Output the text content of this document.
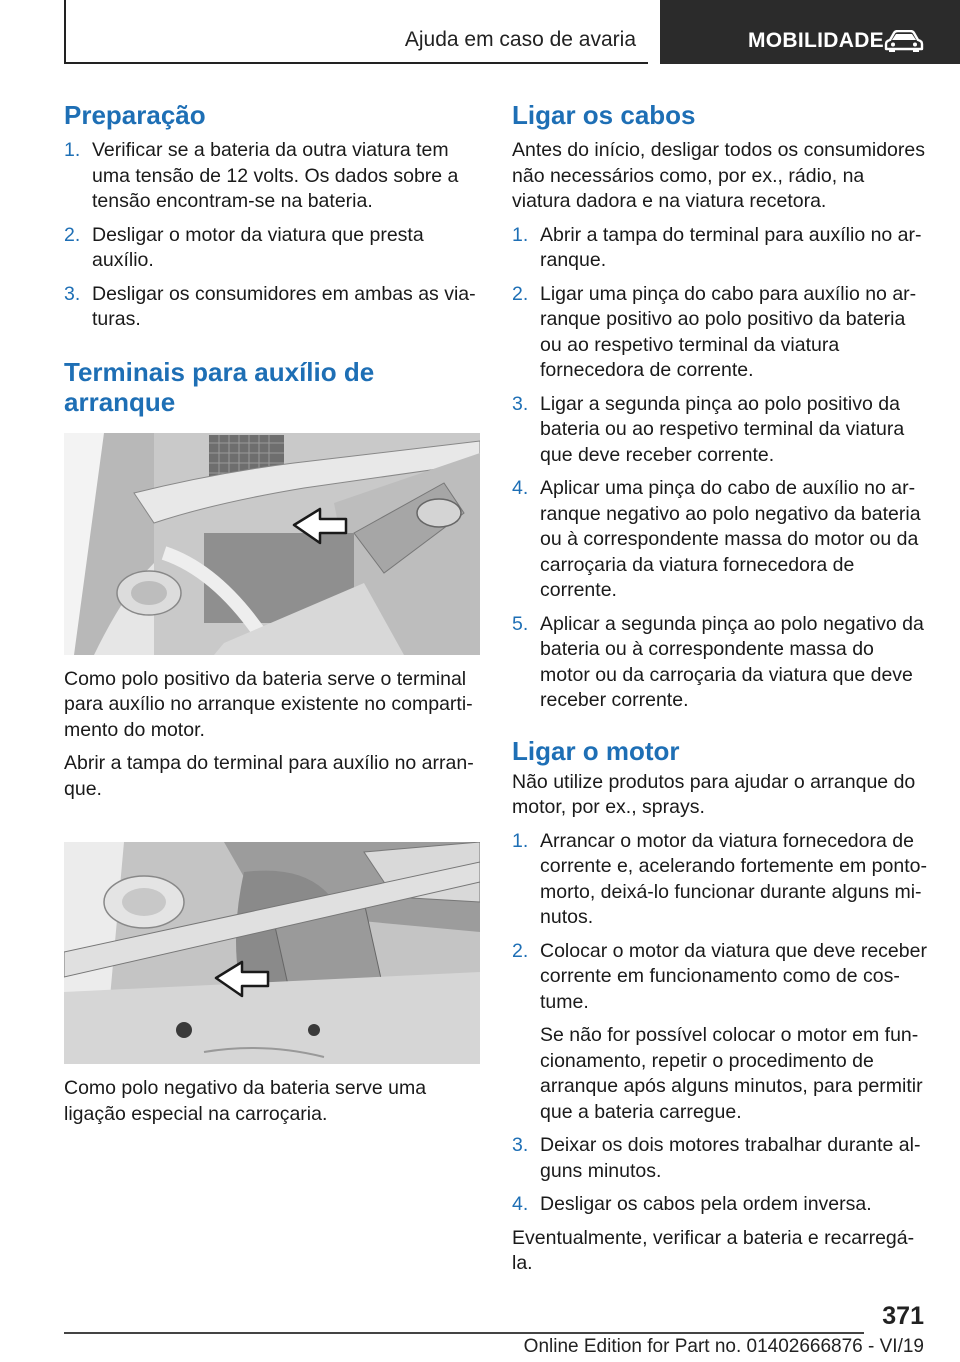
Ajuda em caso de avaria	MOBILIDADE
Preparação
1. Verificar se a bateria da outra viatura tem uma tensão de 12 volts. Os dados sobre a tensão encontram-se na bateria.
2. Desligar o motor da viatura que presta auxílio.
3. Desligar os consumidores em ambas as viaturas.
Terminais para auxílio de arranque

Como polo positivo da bateria serve o terminal para auxílio no arranque existente no compartimento do motor.

Abrir a tampa do terminal para auxílio no arranque.

Como polo negativo da bateria serve uma ligação especial na carroçaria.

Ligar os cabos

Antes do início, desligar todos os consumidores não necessários como, por ex., rádio, na viatura dadora e na viatura recetora.

1. Abrir a tampa do terminal para auxílio no arranque.
2. Ligar uma pinça do cabo para auxílio no arranque positivo ao polo positivo da bateria ou ao respetivo terminal da viatura fornecedora de corrente.
3. Ligar a segunda pinça ao polo positivo da bateria ou ao respetivo terminal da viatura que deve receber corrente.
4. Aplicar uma pinça do cabo de auxílio no arranque negativo ao polo negativo da bateria ou à correspondente massa do motor ou da carroçaria da viatura fornecedora de corrente.
5. Aplicar a segunda pinça ao polo negativo da bateria ou à correspondente massa do motor ou da carroçaria da viatura que deve receber corrente.
Ligar o motor

Não utilize produtos para ajudar o arranque do motor, por ex., sprays.

1. Arrancar o motor da viatura fornecedora de corrente e, acelerando fortemente em ponto-morto, deixá-lo funcionar durante alguns minutos.
2. Colocar o motor da viatura que deve receber corrente em funcionamento como de costume.
Se não for possível colocar o motor em funcionamento, repetir o procedimento de arranque após alguns minutos, para permitir que a bateria carregue.
3. Deixar os dois motores trabalhar durante alguns minutos.
4. Desligar os cabos pela ordem inversa.

Eventualmente, verificar a bateria e recarregá-la.

371
Online Edition for Part no. 01402666876 - VI/19
